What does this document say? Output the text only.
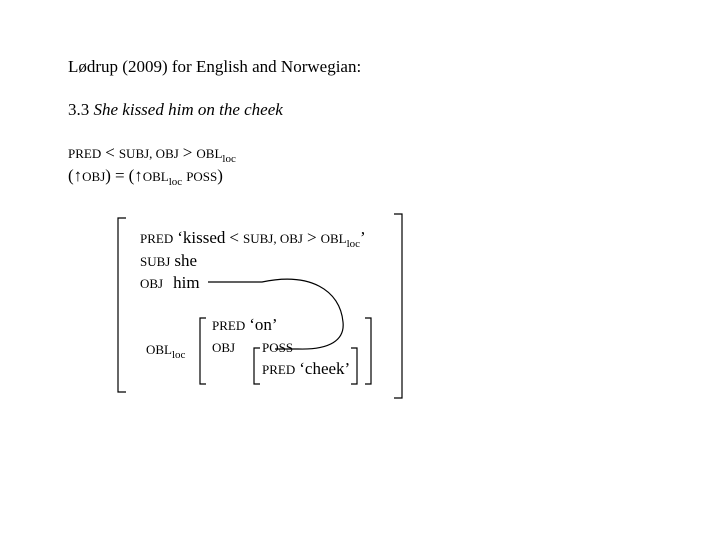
Lødrup (2009) for English and Norwegian:
3.3 She kissed him on the cheek
PRED < SUBJ, OBJ > $OBL_{loc}$
(↑OBJ) = ($↑OBL_{loc}$ POSS)
PRED ‘kissed < SUBJ, OBJ > $OBL_{loc}$’
SUBJ she
OBJ him
$OBL_{loc}$
PRED ‘on’
OBJ POSS
PRED ‘cheek’
